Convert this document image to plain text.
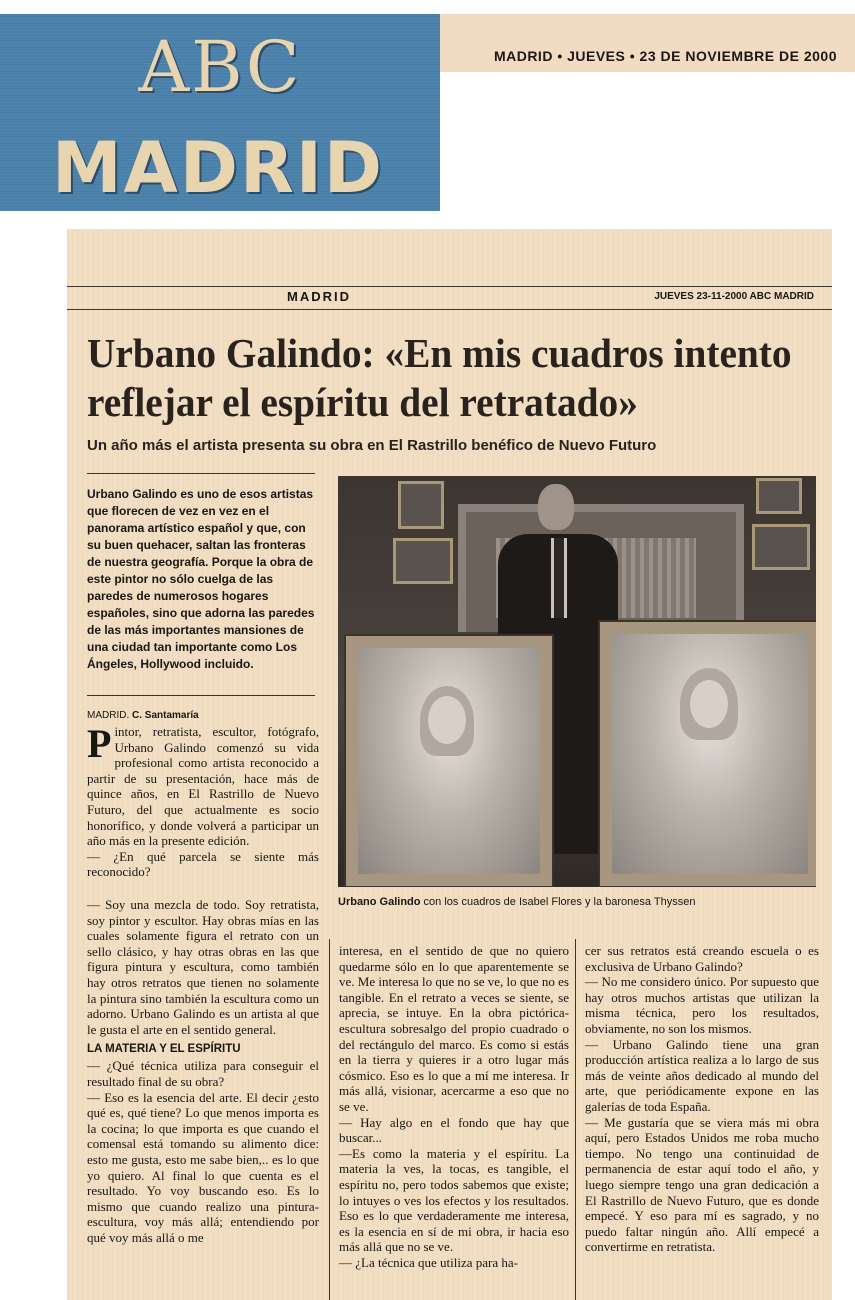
ABC
MADRID
MADRID • JUEVES • 23 DE NOVIEMBRE DE 2000
MADRID	JUEVES 23-11-2000 ABC MADRID
Urbano Galindo: «En mis cuadros intento reflejar el espíritu del retratado»
Un año más el artista presenta su obra en El Rastrillo benéfico de Nuevo Futuro
Urbano Galindo es uno de esos artistas que florecen de vez en vez en el panorama artístico español y que, con su buen quehacer, saltan las fronteras de nuestra geografía. Porque la obra de este pintor no sólo cuelga de las paredes de numerosos hogares españoles, sino que adorna las paredes de las más importantes mansiones de una ciudad tan importante como Los Ángeles, Hollywood incluido.
MADRID. C. Santamaría

Pintor, retratista, escultor, fotógrafo, Urbano Galindo comenzó su vida profesional como artista reconocido a partir de su presentación, hace más de quince años, en El Rastrillo de Nuevo Futuro, del que actualmente es socio honorífico, y donde volverá a participar un año más en la presente edición.

— ¿En qué parcela se siente más reconocido?

— Soy una mezcla de todo. Soy retratista, soy pintor y escultor. Hay obras mías en las cuales solamente figura el retrato con un sello clásico, y hay otras obras en las que figura pintura y escultura, como también hay otros retratos que tienen no solamente la pintura sino también la escultura como un adorno. Urbano Galindo es un artista al que le gusta el arte en el sentido general.

LA MATERIA Y EL ESPÍRITU

— ¿Qué técnica utiliza para conseguir el resultado final de su obra?

— Eso es la esencia del arte. El decir ¿esto qué es, qué tiene? Lo que menos importa es la cocina; lo que importa es que cuando el comensal está tomando su alimento dice: esto me gusta, esto me sabe bien,.. es lo que yo quiero. Al final lo que cuenta es el resultado. Yo voy buscando eso. Es lo mismo que cuando realizo una pintura-escultura, voy más allá; entendiendo por qué voy más allá o me

interesa, en el sentido de que no quiero quedarme sólo en lo que aparentemente se ve. Me interesa lo que no se ve, lo que no es tangible. En el retrato a veces se siente, se aprecia, se intuye. En la obra pictórica-escultura sobresalgo del propio cuadrado o del rectángulo del marco. Es como si estás en la tierra y quieres ir a otro lugar más cósmico. Eso es lo que a mí me interesa. Ir más allá, visionar, acercarme a eso que no se ve.

— Hay algo en el fondo que hay que buscar...

—Es como la materia y el espíritu. La materia la ves, la tocas, es tangible, el espíritu no, pero todos sabemos que existe; lo intuyes o ves los efectos y los resultados. Eso es lo que verdaderamente me interesa, es la esencia en sí de mi obra, ir hacia eso más allá que no se ve.

— ¿La técnica que utiliza para ha-

cer sus retratos está creando escuela o es exclusiva de Urbano Galindo?

— No me considero único. Por supuesto que hay otros muchos artistas que utilizan la misma técnica, pero los resultados, obviamente, no son los mismos.

— Urbano Galindo tiene una gran producción artística realiza a lo largo de sus más de veinte años dedicado al mundo del arte, que periódicamente expone en las galerías de toda España.

— Me gustaría que se viera más mi obra aquí, pero Estados Unidos me roba mucho tiempo. No tengo una continuidad de permanencia de estar aquí todo el año, y luego siempre tengo una gran dedicación a El Rastrillo de Nuevo Futuro, que es donde empecé. Y eso para mí es sagrado, y no puedo faltar ningún año. Allí empecé a convertirme en retratista.

Urbano Galindo con los cuadros de Isabel Flores y la baronesa Thyssen
